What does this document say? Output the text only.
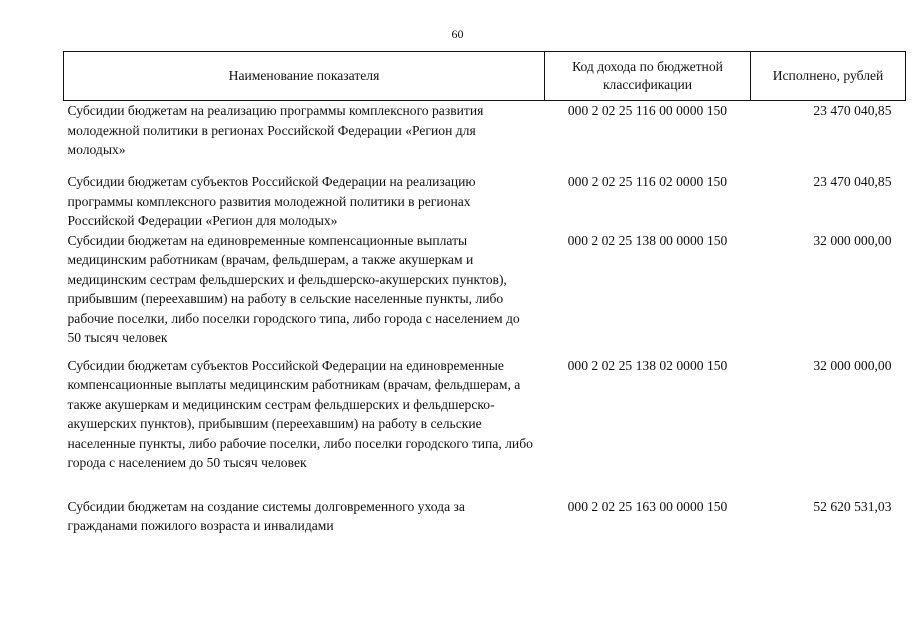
60
Наименование показателя	Код дохода по бюджетной классификации	Исполнено, рублей
Субсидии бюджетам на реализацию программы комплексного развития молодежной политики в регионах Российской Федерации «Регион для молодых»	000 2 02 25 116 00 0000 150	23 470 040,85
Субсидии бюджетам субъектов Российской Федерации на реализацию программы комплексного развития молодежной политики в регионах Российской Федерации «Регион для молодых»	000 2 02 25 116 02 0000 150	23 470 040,85
Субсидии бюджетам на единовременные компенсационные выплаты медицинским работникам (врачам, фельдшерам, а также акушеркам и медицинским сестрам фельдшерских и фельдшерско-акушерских пунктов), прибывшим (переехавшим) на работу в сельские населенные пункты, либо рабочие поселки, либо поселки городского типа, либо города с населением до 50 тысяч человек	000 2 02 25 138 00 0000 150	32 000 000,00
Субсидии бюджетам субъектов Российской Федерации на единовременные компенсационные выплаты медицинским работникам (врачам, фельдшерам, а также акушеркам и медицинским сестрам фельдшерских и фельдшерско-акушерских пунктов), прибывшим (переехавшим) на работу в сельские населенные пункты, либо рабочие поселки, либо поселки городского типа, либо города с населением до 50 тысяч человек	000 2 02 25 138 02 0000 150	32 000 000,00
Субсидии бюджетам на создание системы долговременного ухода за гражданами пожилого возраста и инвалидами	000 2 02 25 163 00 0000 150	52 620 531,03
